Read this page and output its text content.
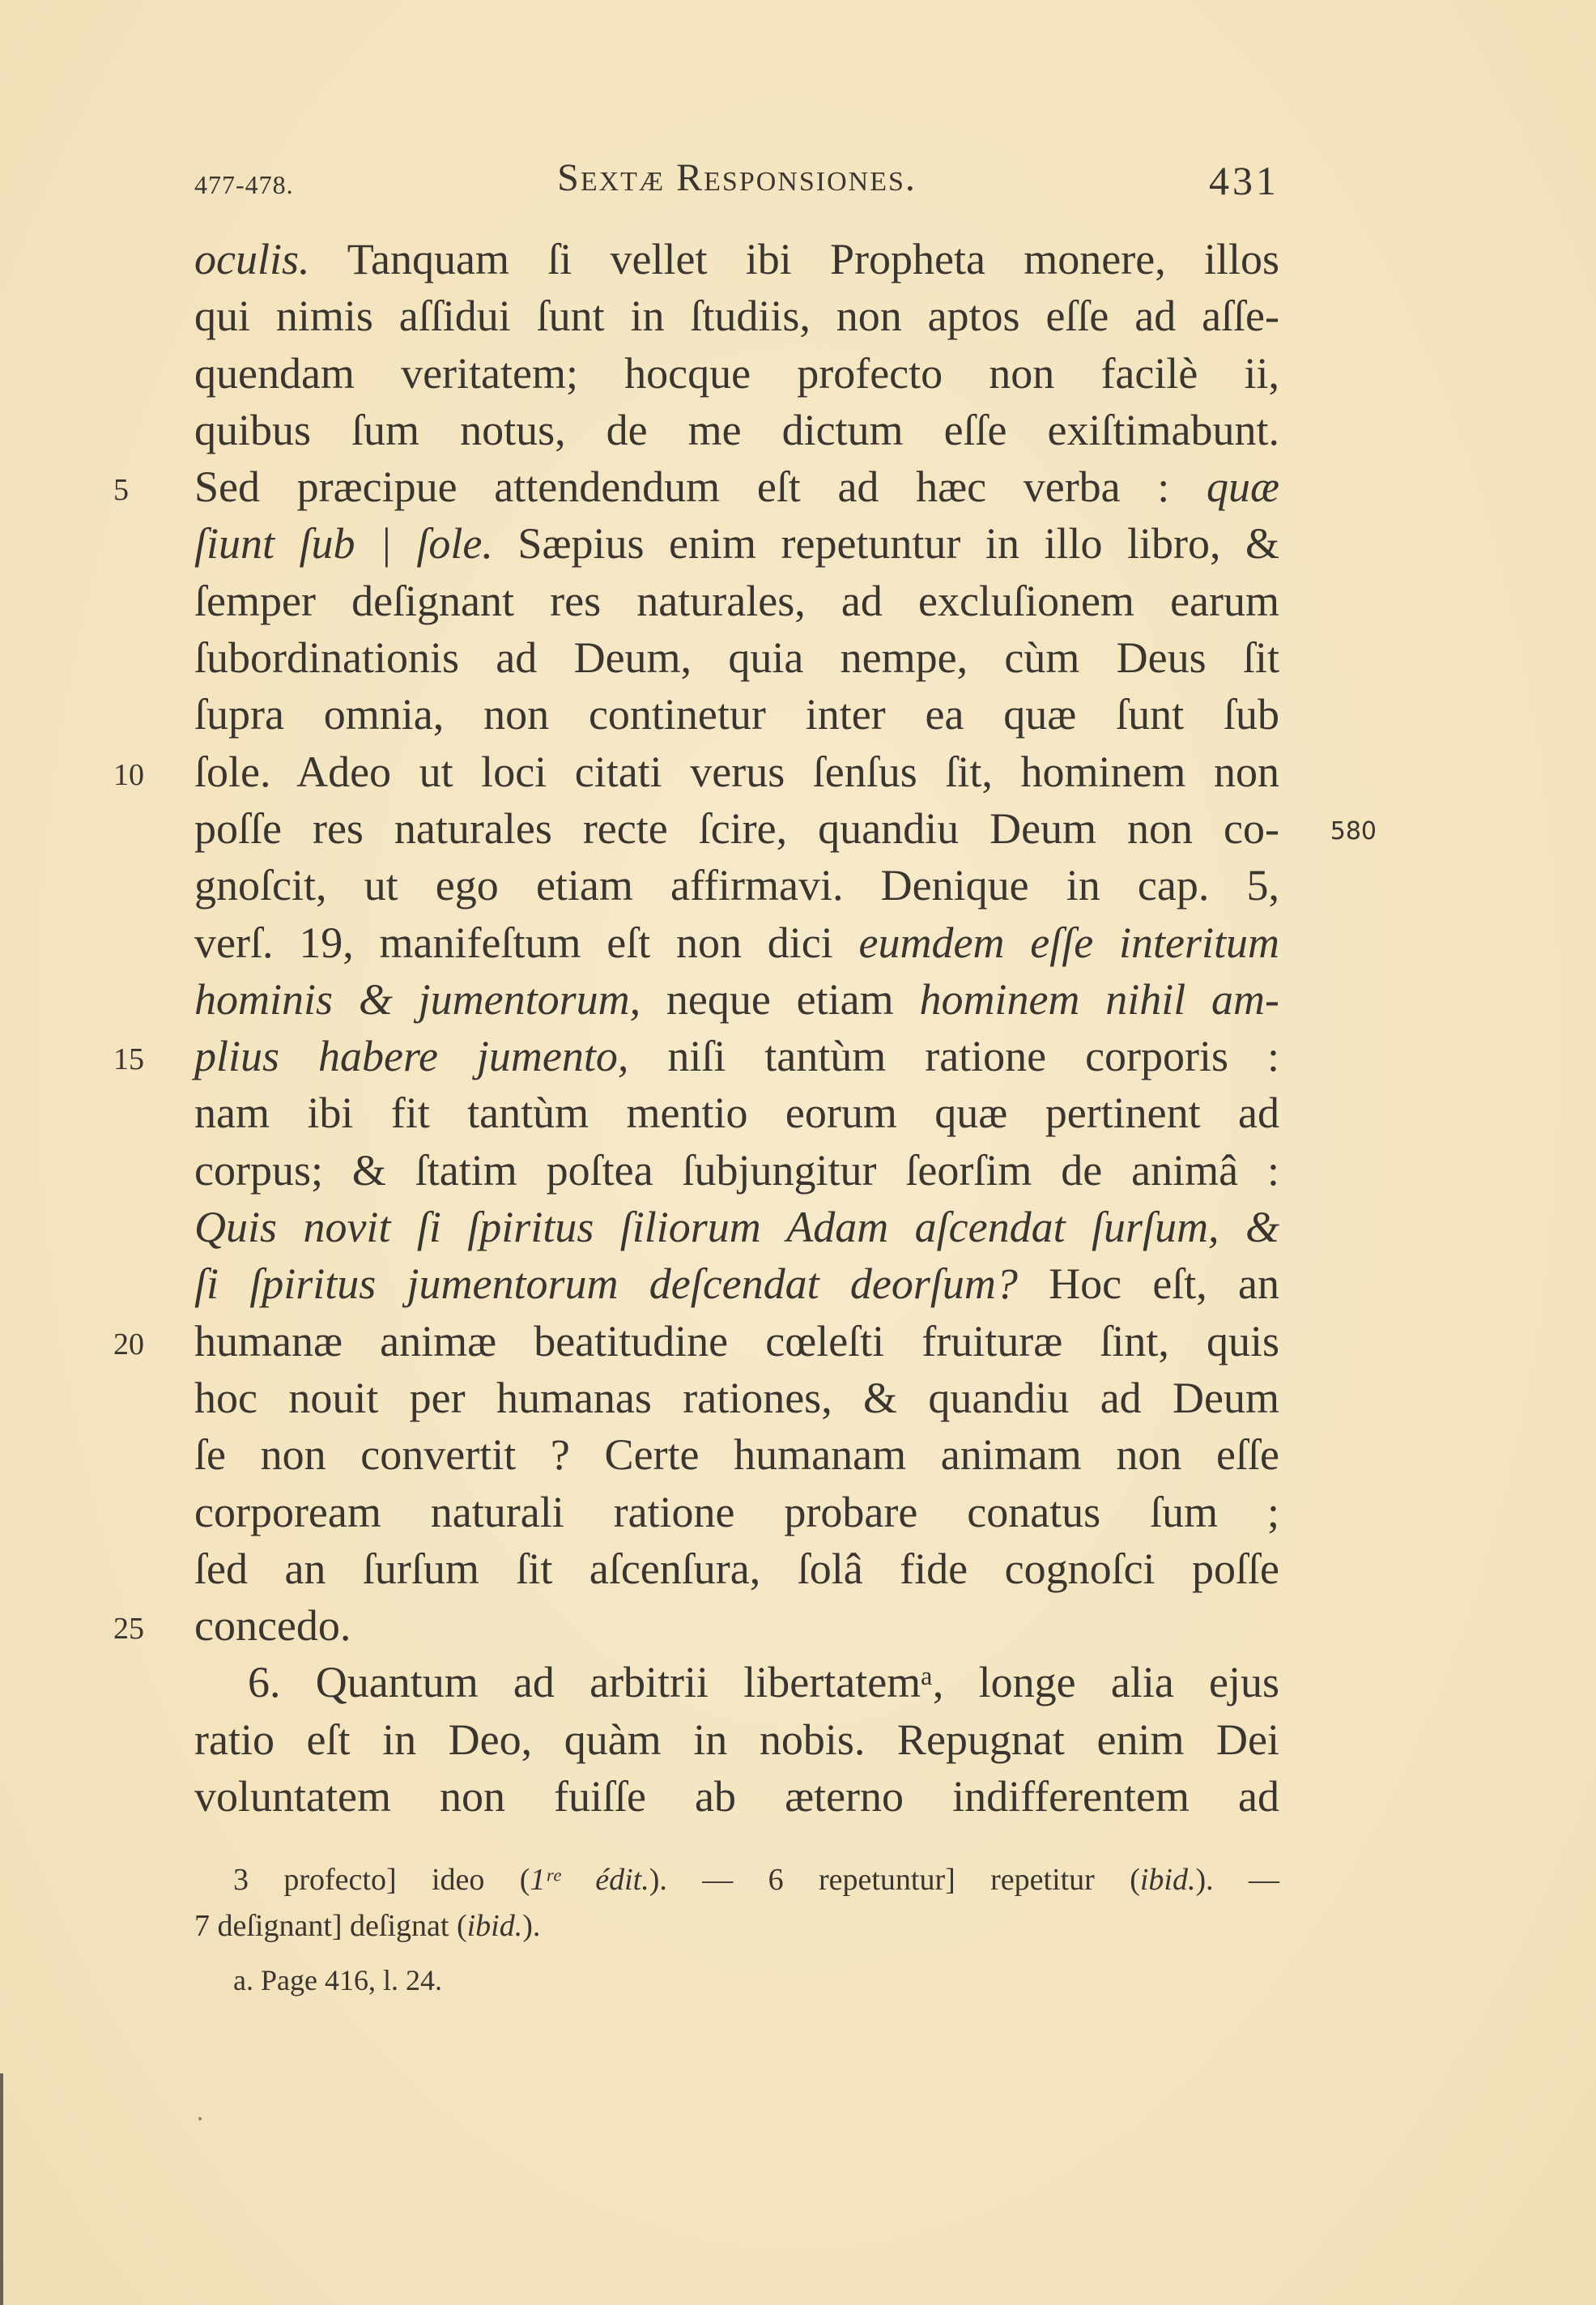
477-478.	Sextæ Responsiones.	431
oculis. Tanquam ſi vellet ibi Propheta monere, illos
qui nimis aſſidui ſunt in ſtudiis, non aptos eſſe ad aſſe-
quendam veritatem; hocque profecto non facilè ii,
quibus ſum notus, de me dictum eſſe exiſtimabunt.
5	Sed præcipue attendendum eſt ad hæc verba : quæ
ſiunt ſub | ſole. Sæpius enim repetuntur in illo libro, &
ſemper deſignant res naturales, ad excluſionem earum
ſubordinationis ad Deum, quia nempe, cùm Deus ſit
ſupra omnia, non continetur inter ea quæ ſunt ſub
10	ſole. Adeo ut loci citati verus ſenſus ſit, hominem non
580
poſſe res naturales recte ſcire, quandiu Deum non co-
gnoſcit, ut ego etiam affirmavi. Denique in cap. 5,
verſ. 19, manifeſtum eſt non dici eumdem eſſe interitum
hominis & jumentorum, neque etiam hominem nihil am-
15	plius habere jumento, niſi tantùm ratione corporis :
nam ibi fit tantùm mentio eorum quæ pertinent ad
corpus; & ſtatim poſtea ſubjungitur ſeorſim de animâ :
Quis novit ſi ſpiritus ſiliorum Adam aſcendat ſurſum, &
ſi ſpiritus jumentorum deſcendat deorſum? Hoc eſt, an
20	humanæ animæ beatitudine cœleſti fruituræ ſint, quis
hoc nouit per humanas rationes, & quandiu ad Deum
ſe non convertit ? Certe humanam animam non eſſe
corpoream naturali ratione probare conatus ſum ;
ſed an ſurſum ſit aſcenſura, ſolâ fide cognoſci poſſe
25	concedo.
6. Quantum ad arbitrii libertatemᵃ, longe alia ejus
ratio eſt in Deo, quàm in nobis. Repugnat enim Dei
voluntatem non fuiſſe ab æterno indifferentem ad
3 profecto] ideo (1ʳᵉ édit.). — 6 repetuntur] repetitur (ibid.). —
7 deſignant] deſignat (ibid.).
a. Page 416, l. 24.
